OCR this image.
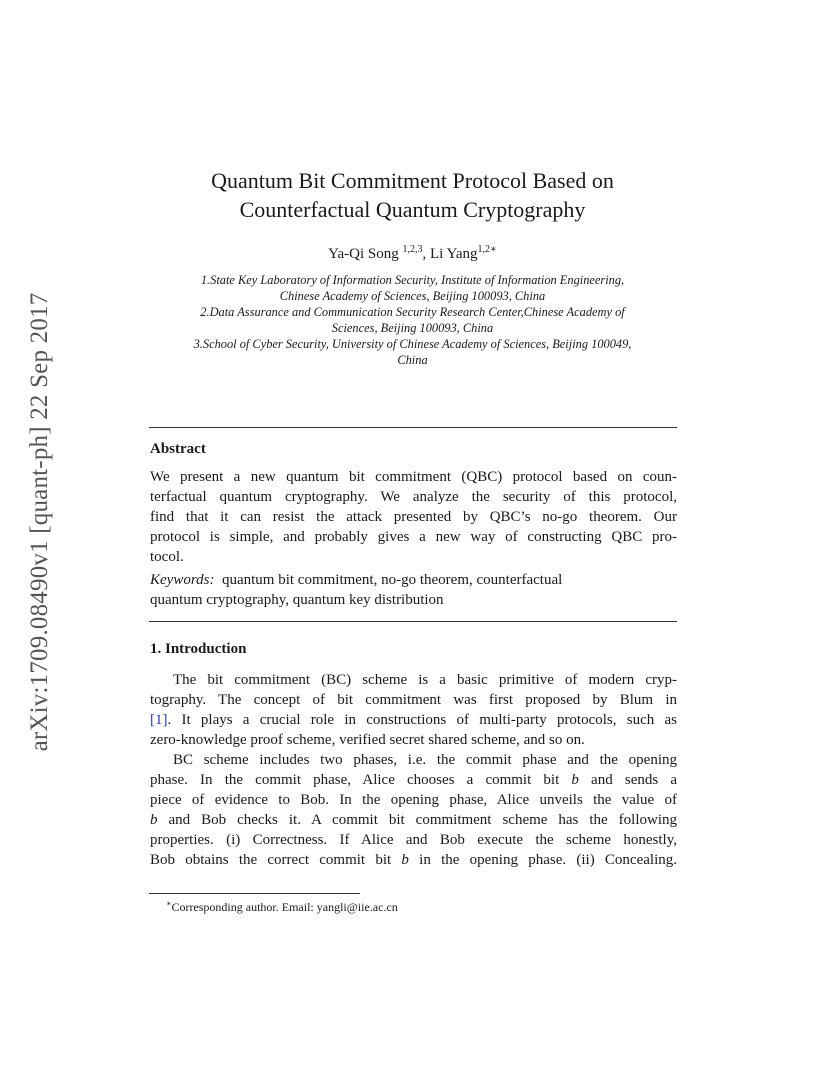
arXiv:1709.08490v1 [quant-ph] 22 Sep 2017
Quantum Bit Commitment Protocol Based on
Counterfactual Quantum Cryptography
Ya-Qi Song $^{1,2,3}$, Li Yang$^{1,2∗}$
1.State Key Laboratory of Information Security, Institute of Information Engineering,
Chinese Academy of Sciences, Beijing 100093, China
2.Data Assurance and Communication Security Research Center,Chinese Academy of
Sciences, Beijing 100093, China
3.School of Cyber Security, University of Chinese Academy of Sciences, Beijing 100049,
China
Abstract
We present a new quantum bit commitment (QBC) protocol based on coun-
terfactual quantum cryptography. We analyze the security of this protocol,
find that it can resist the attack presented by QBC’s no-go theorem. Our
protocol is simple, and probably gives a new way of constructing QBC pro-
tocol.
Keywords: quantum bit commitment, no-go theorem, counterfactual
quantum cryptography, quantum key distribution
1. Introduction
The bit commitment (BC) scheme is a basic primitive of modern cryp-
tography. The concept of bit commitment was first proposed by Blum in
[1]. It plays a crucial role in constructions of multi-party protocols, such as
zero-knowledge proof scheme, verified secret shared scheme, and so on.
BC scheme includes two phases, i.e. the commit phase and the opening
phase. In the commit phase, Alice chooses a commit bit b and sends a
piece of evidence to Bob. In the opening phase, Alice unveils the value of
b and Bob checks it. A commit bit commitment scheme has the following
properties. (i) Correctness. If Alice and Bob execute the scheme honestly,
Bob obtains the correct commit bit b in the opening phase. (ii) Concealing.
∗Corresponding author. Email: yangli@iie.ac.cn
